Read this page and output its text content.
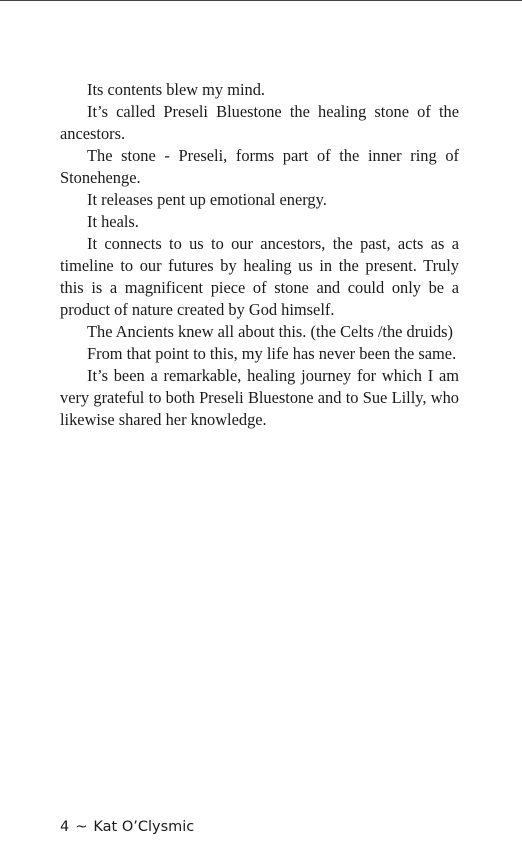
Its contents blew my mind.

It’s called Preseli Bluestone the healing stone of the ancestors.

The stone - Preseli, forms part of the inner ring of Stonehenge.

It releases pent up emotional energy.

It heals.

It connects to us to our ancestors, the past, acts as a timeline to our futures by healing us in the present. Truly this is a magnificent piece of stone and could only be a product of nature created by God himself.

The Ancients knew all about this. (the Celts /the druids)

From that point to this, my life has never been the same.

It’s been a remarkable, healing journey for which I am very grateful to both Preseli Bluestone and to Sue Lilly, who likewise shared her knowledge.

4 ~ Kat O’Clysmic
